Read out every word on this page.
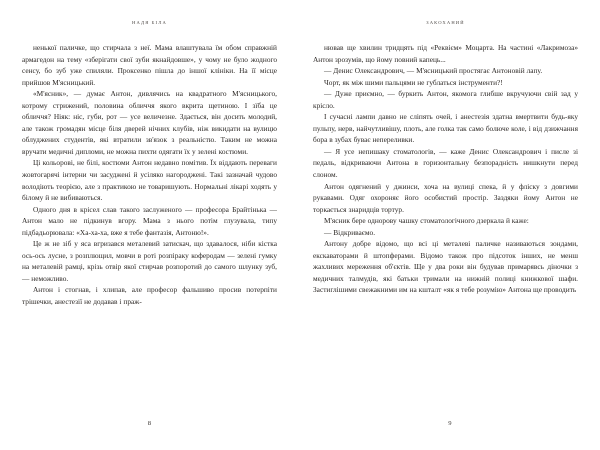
НАДЯ БІЛА

ненької паличке, що стирчала з неї. Мама влаштувала їм обом справжній армагедон на тему «зберігати свої зуби якнайдовше», у чому не було жодного сенсу, бо зуб уже спиляли. Проксенко пішла до іншої клініки. На її місце прийшов М'ясницький.

«М'ясник», — думає Антон, дивлячись на квадратного М'ясницького, котрому стрижений, половина обличчя якого вкрита щетиною. І зїба це обличчя? Ніяк: ніс, губи, рот — усе величезне. Здається, він досить молодий, але також громадян місце біля дверей нічних клубів, ніж викидати на вулицю облуджених студентів, які втратили зв'язок з реальністю. Таким не можна вручати медичні дипломи, не можна пихти одягати їх у зелені костюми.

Ці кольорові, не білі, костюми Антон недавно помітив. Їх віддають переваги жовтогарячі інтерни чи засуджені й усіляко нагороджені. Такі зазначай чудово володіють теорією, але з практикою не товаришують. Нормальні лікарі ходять у білому й не вибиваються.

Одного дня в крісел слав такого заслуженого — професора Брайтінька — Антон мало не підкинув вгору. Мама з нього потім глузувала, типу підбадьорювала: «Ха-ха-ха, вже я тебе фантазія, Антоню!».

Це ж не зіб у яса вгризався металевий затискач, що здавалося, ніби кістка ось-ось лусне, з розплющил, мовчи в роті розпіраку коферодам — зелені гумку на металевій рамці, крізь отвір якої стирчав розпоротий до самого шлунку зуб, — неможливо.

Антон і стогнав, і хлипав, але професор фальшиво просив потерпіти трішечки, анестезії не додавав і праж-

8
ЗАКОХАНИЙ

нював ще хвилин тридцять під «Реквієм» Моцарта. На частині «Лакримоза» Антон зрозумів, що йому повний капець...

— Денис Олександрович, — М'ясницький простягає Антоновій лапу.

Чорт, як між шими пальцями не гублаться інструменти?!

— Дуже приємно, — буркить Антон, якомога глибше вкручуючи свій зад у крісло.

І сучасні лампи давно не сліпять очей, і анестезія здатна вмертвити будь-яку пульпу, нерв, найчутливішу, плоть, але голка так само болюче коле, і від дзижчання бора в зубах буває непереливки.

— Я усе непишаку стоматологів, — каже Денис Олександрович і писле зі педаль, відкриваючи Антона в горизонтальну безпорадність нишкнути перед слоном.

Антон одягнений у джинси, хоча на вулиці спека, й у фліску з довгими рукавами. Одяг охороняє його особистий простір. Заздяки йому Антон не торкається знаридців тортур.

М'ясник бере однорову чашку стоматологічного дзеркала й каже:

— Відкриваємо.

Антону добре відомо, що всі ці металеві паличке називаються зондами, екскаваторами й штопферами. Відомо також про підсоток інших, не менш жахливих мереження об'єктів. Ще у два роки він будував примарявсь діночки з медичних талмудів, які батьки тримали на нижній полиці книжкової шафи. Застиглішими свежакними им на кшталт «як я тебе розумію» Антона ще проводить

9
